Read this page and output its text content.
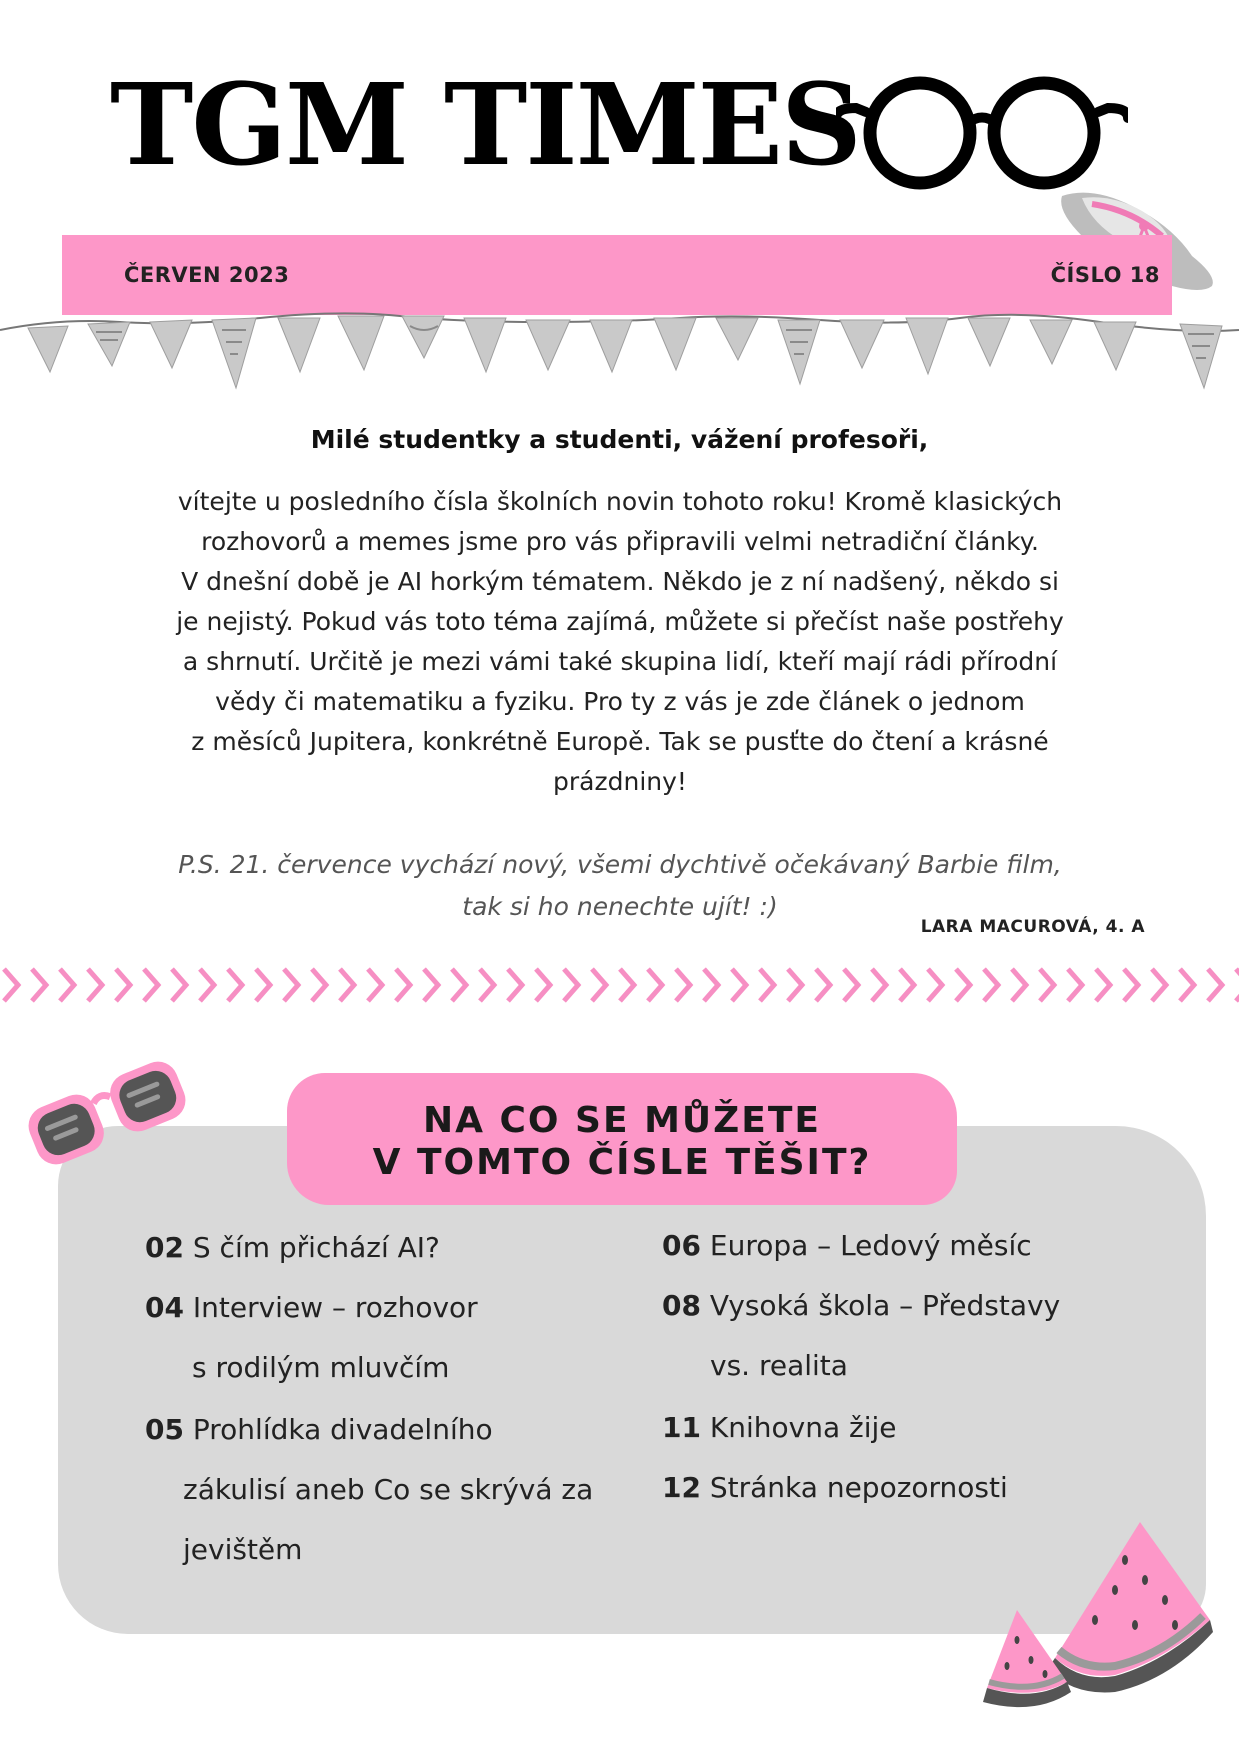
TGM TIMES
ČERVEN 2023	ČÍSLO 18
Milé studentky a studenti, vážení profesoři,
vítejte u posledního čísla školních novin tohoto roku! Kromě klasických
rozhovorů a memes jsme pro vás připravili velmi netradiční články.
V dnešní době je AI horkým tématem. Někdo je z ní nadšený, někdo si
je nejistý. Pokud vás toto téma zajímá, můžete si přečíst naše postřehy
a shrnutí. Určitě je mezi vámi také skupina lidí, kteří mají rádi přírodní
vědy či matematiku a fyziku. Pro ty z vás je zde článek o jednom
z měsíců Jupitera, konkrétně Europě. Tak se pusťte do čtení a krásné
prázdniny!
P.S. 21. července vychází nový, všemi dychtivě očekávaný Barbie film,
tak si ho nenechte ujít! :)
LARA MACUROVÁ, 4. A
NA CO SE MŮŽETE
V TOMTO ČÍSLE TĚŠIT?
02 S čím přichází AI?
04 Interview – rozhovor
s rodilým mluvčím
05 Prohlídka divadelního
zákulisí aneb Co se skrývá za
jevištěm
06 Europa – Ledový měsíc
08 Vysoká škola – Představy
vs. realita
11 Knihovna žije
12 Stránka nepozornosti
